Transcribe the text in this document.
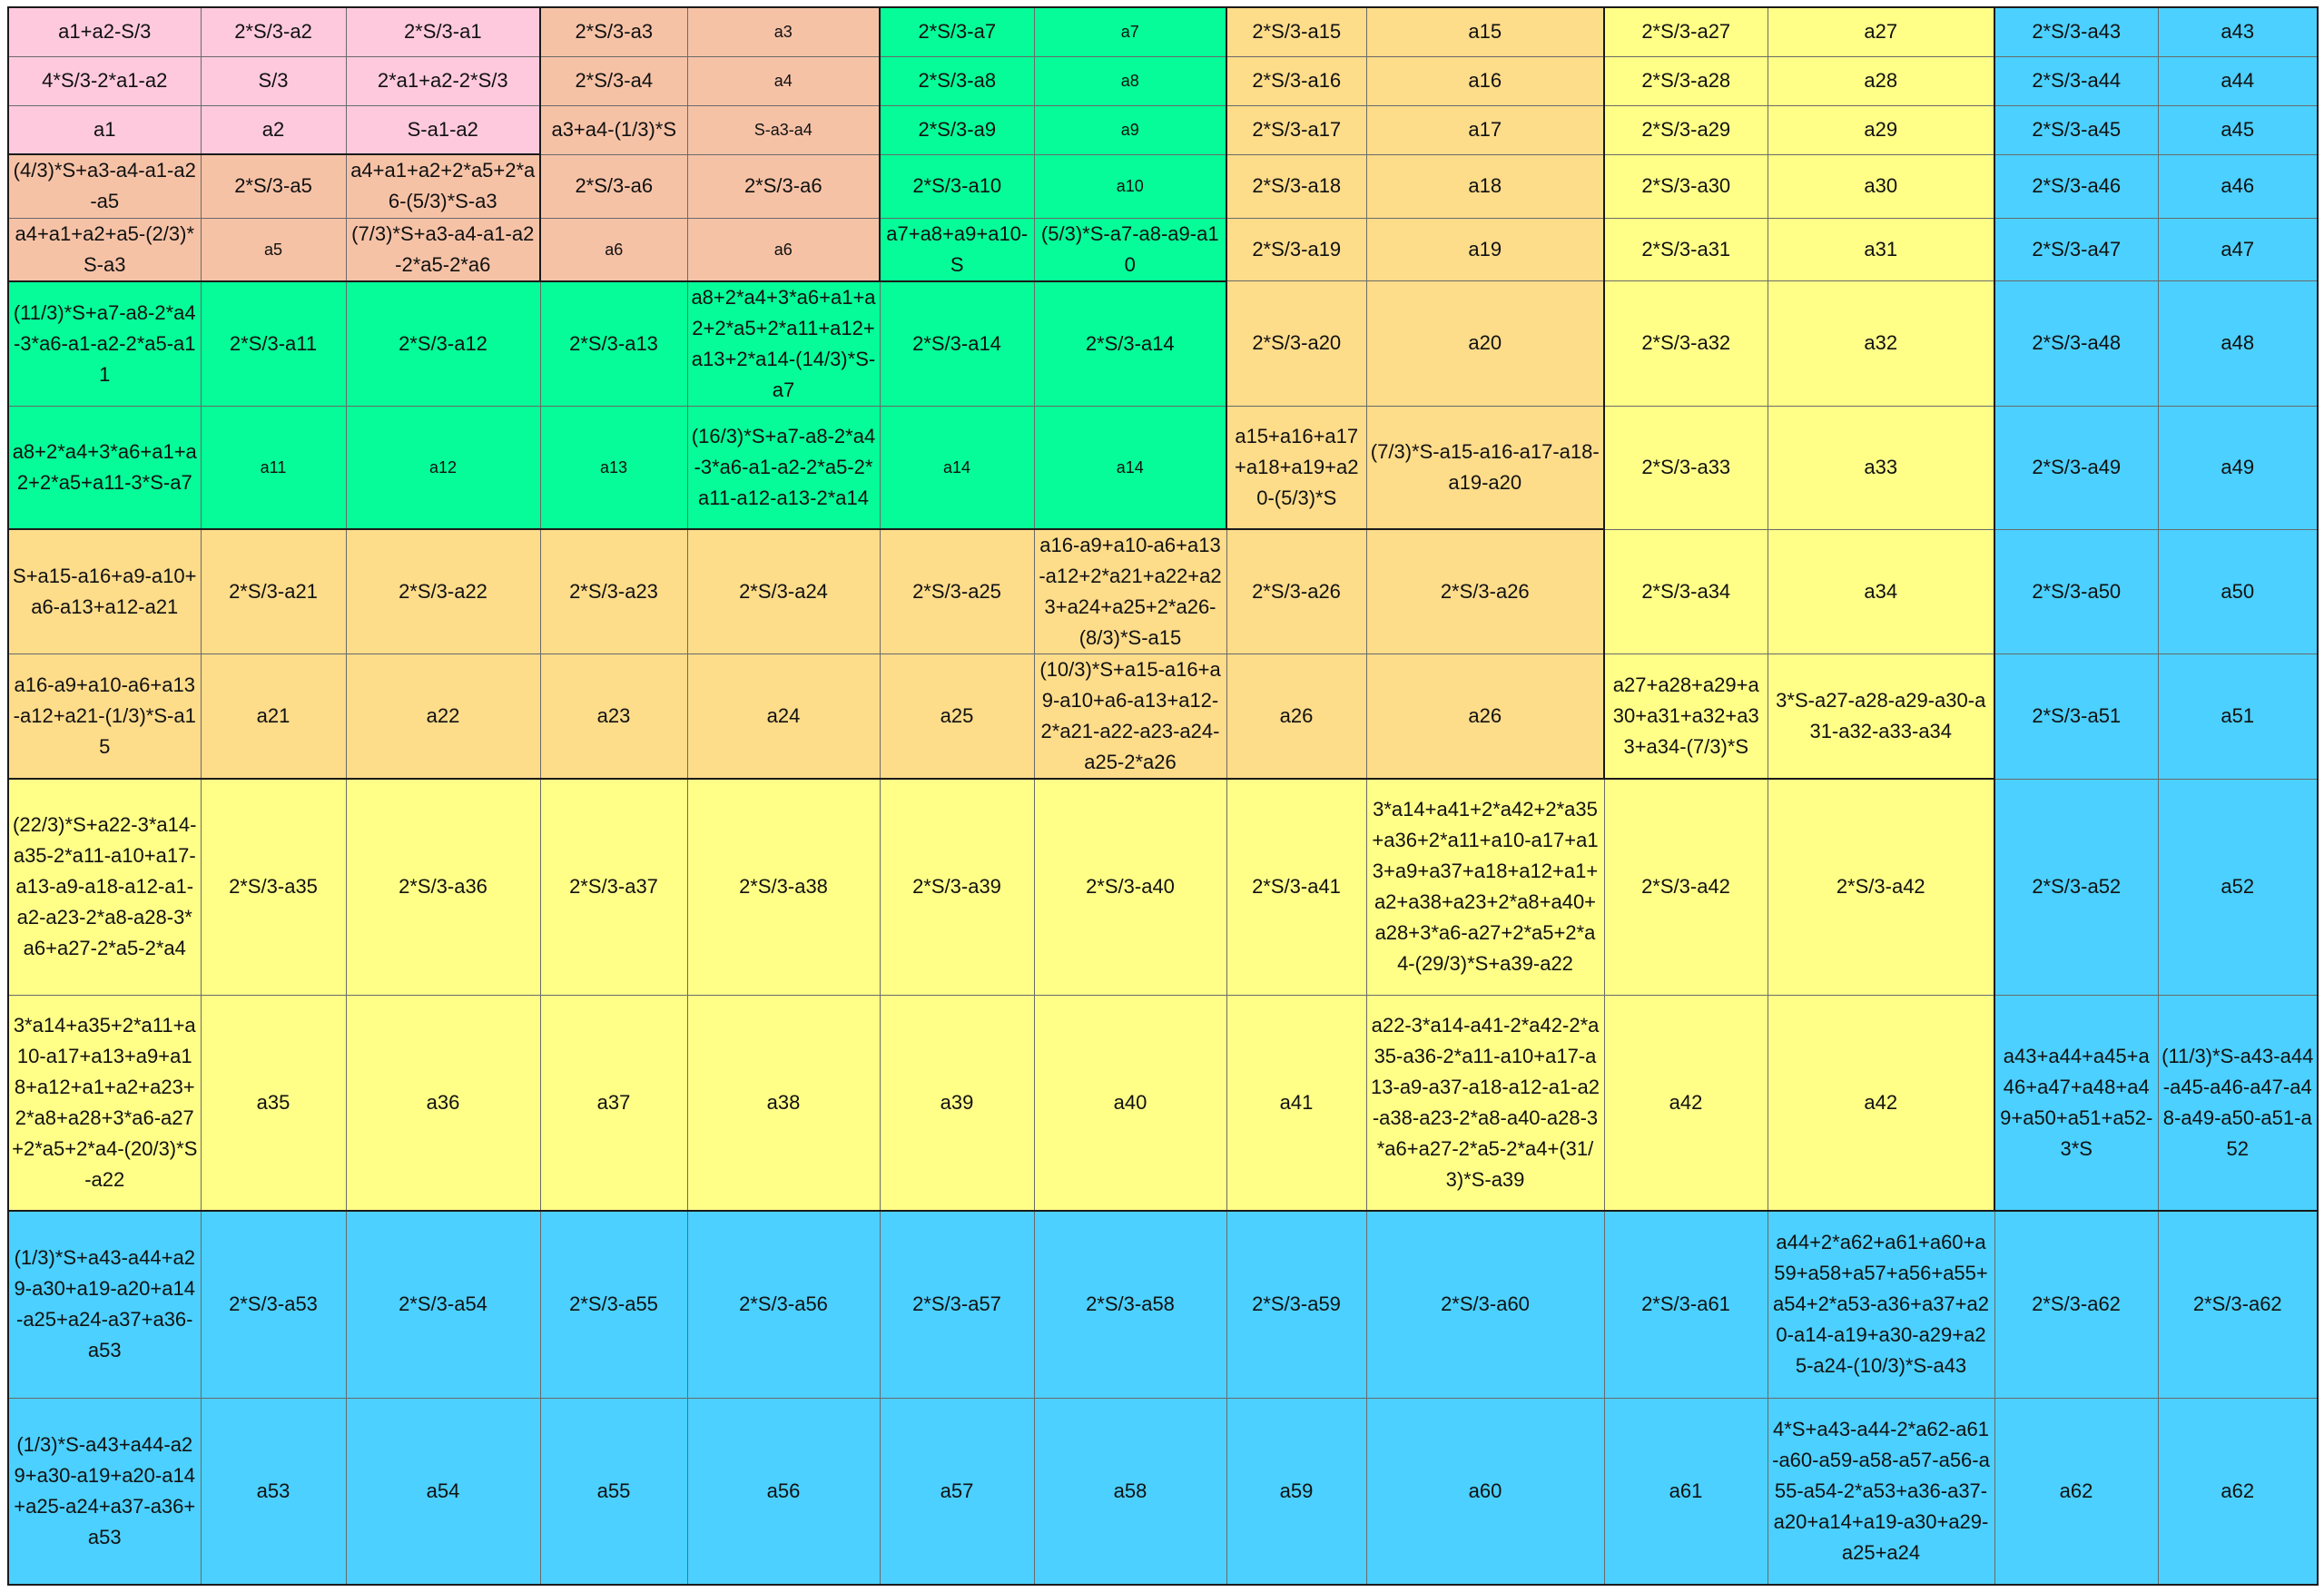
a1+a2-S/3	2*S/3-a2	2*S/3-a1	2*S/3-a3	a3	2*S/3-a7	a7	2*S/3-a15	a15	2*S/3-a27	a27	2*S/3-a43	a43
4*S/3-2*a1-a2	S/3	2*a1+a2-2*S/3	2*S/3-a4	a4	2*S/3-a8	a8	2*S/3-a16	a16	2*S/3-a28	a28	2*S/3-a44	a44
a1	a2	S-a1-a2	a3+a4-(1/3)*S	S-a3-a4	2*S/3-a9	a9	2*S/3-a17	a17	2*S/3-a29	a29	2*S/3-a45	a45
(4/3)*S+a3-a4-a1-a2-a5	2*S/3-a5	a4+a1+a2+2*a5+2*a6-(5/3)*S-a3	2*S/3-a6	2*S/3-a6	2*S/3-a10	a10	2*S/3-a18	a18	2*S/3-a30	a30	2*S/3-a46	a46
a4+a1+a2+a5-(2/3)*S-a3	a5	(7/3)*S+a3-a4-a1-a2-2*a5-2*a6	a6	a6	a7+a8+a9+a10-S	(5/3)*S-a7-a8-a9-a10	2*S/3-a19	a19	2*S/3-a31	a31	2*S/3-a47	a47
(11/3)*S+a7-a8-2*a4-3*a6-a1-a2-2*a5-a11	2*S/3-a11	2*S/3-a12	2*S/3-a13	a8+2*a4+3*a6+a1+a2+2*a5+2*a11+a12+a13+2*a14-(14/3)*S-a7	2*S/3-a14	2*S/3-a14	2*S/3-a20	a20	2*S/3-a32	a32	2*S/3-a48	a48
a8+2*a4+3*a6+a1+a2+2*a5+a11-3*S-a7	a11	a12	a13	(16/3)*S+a7-a8-2*a4-3*a6-a1-a2-2*a5-2*a11-a12-a13-2*a14	a14	a14	a15+a16+a17+a18+a19+a20-(5/3)*S	(7/3)*S-a15-a16-a17-a18-a19-a20	2*S/3-a33	a33	2*S/3-a49	a49
S+a15-a16+a9-a10+a6-a13+a12-a21	2*S/3-a21	2*S/3-a22	2*S/3-a23	2*S/3-a24	2*S/3-a25	a16-a9+a10-a6+a13-a12+2*a21+a22+a23+a24+a25+2*a26-(8/3)*S-a15	2*S/3-a26	2*S/3-a26	2*S/3-a34	a34	2*S/3-a50	a50
a16-a9+a10-a6+a13-a12+a21-(1/3)*S-a15	a21	a22	a23	a24	a25	(10/3)*S+a15-a16+a9-a10+a6-a13+a12-2*a21-a22-a23-a24-a25-2*a26	a26	a26	a27+a28+a29+a30+a31+a32+a33+a34-(7/3)*S	3*S-a27-a28-a29-a30-a31-a32-a33-a34	2*S/3-a51	a51
(22/3)*S+a22-3*a14-a35-2*a11-a10+a17-a13-a9-a18-a12-a1-a2-a23-2*a8-a28-3*a6+a27-2*a5-2*a4	2*S/3-a35	2*S/3-a36	2*S/3-a37	2*S/3-a38	2*S/3-a39	2*S/3-a40	2*S/3-a41	3*a14+a41+2*a42+2*a35+a36+2*a11+a10-a17+a13+a9+a37+a18+a12+a1+a2+a38+a23+2*a8+a40+a28+3*a6-a27+2*a5+2*a4-(29/3)*S+a39-a22	2*S/3-a42	2*S/3-a42	2*S/3-a52	a52
3*a14+a35+2*a11+a10-a17+a13+a9+a18+a12+a1+a2+a23+2*a8+a28+3*a6-a27+2*a5+2*a4-(20/3)*S-a22	a35	a36	a37	a38	a39	a40	a41	a22-3*a14-a41-2*a42-2*a35-a36-2*a11-a10+a17-a13-a9-a37-a18-a12-a1-a2-a38-a23-2*a8-a40-a28-3*a6+a27-2*a5-2*a4+(31/3)*S-a39	a42	a42	a43+a44+a45+a46+a47+a48+a49+a50+a51+a52-3*S	(11/3)*S-a43-a44-a45-a46-a47-a48-a49-a50-a51-a52
(1/3)*S+a43-a44+a29-a30+a19-a20+a14-a25+a24-a37+a36-a53	2*S/3-a53	2*S/3-a54	2*S/3-a55	2*S/3-a56	2*S/3-a57	2*S/3-a58	2*S/3-a59	2*S/3-a60	2*S/3-a61	a44+2*a62+a61+a60+a59+a58+a57+a56+a55+a54+2*a53-a36+a37+a20-a14-a19+a30-a29+a25-a24-(10/3)*S-a43	2*S/3-a62	2*S/3-a62
(1/3)*S-a43+a44-a29+a30-a19+a20-a14+a25-a24+a37-a36+a53	a53	a54	a55	a56	a57	a58	a59	a60	a61	4*S+a43-a44-2*a62-a61-a60-a59-a58-a57-a56-a55-a54-2*a53+a36-a37-a20+a14+a19-a30+a29-a25+a24	a62	a62
